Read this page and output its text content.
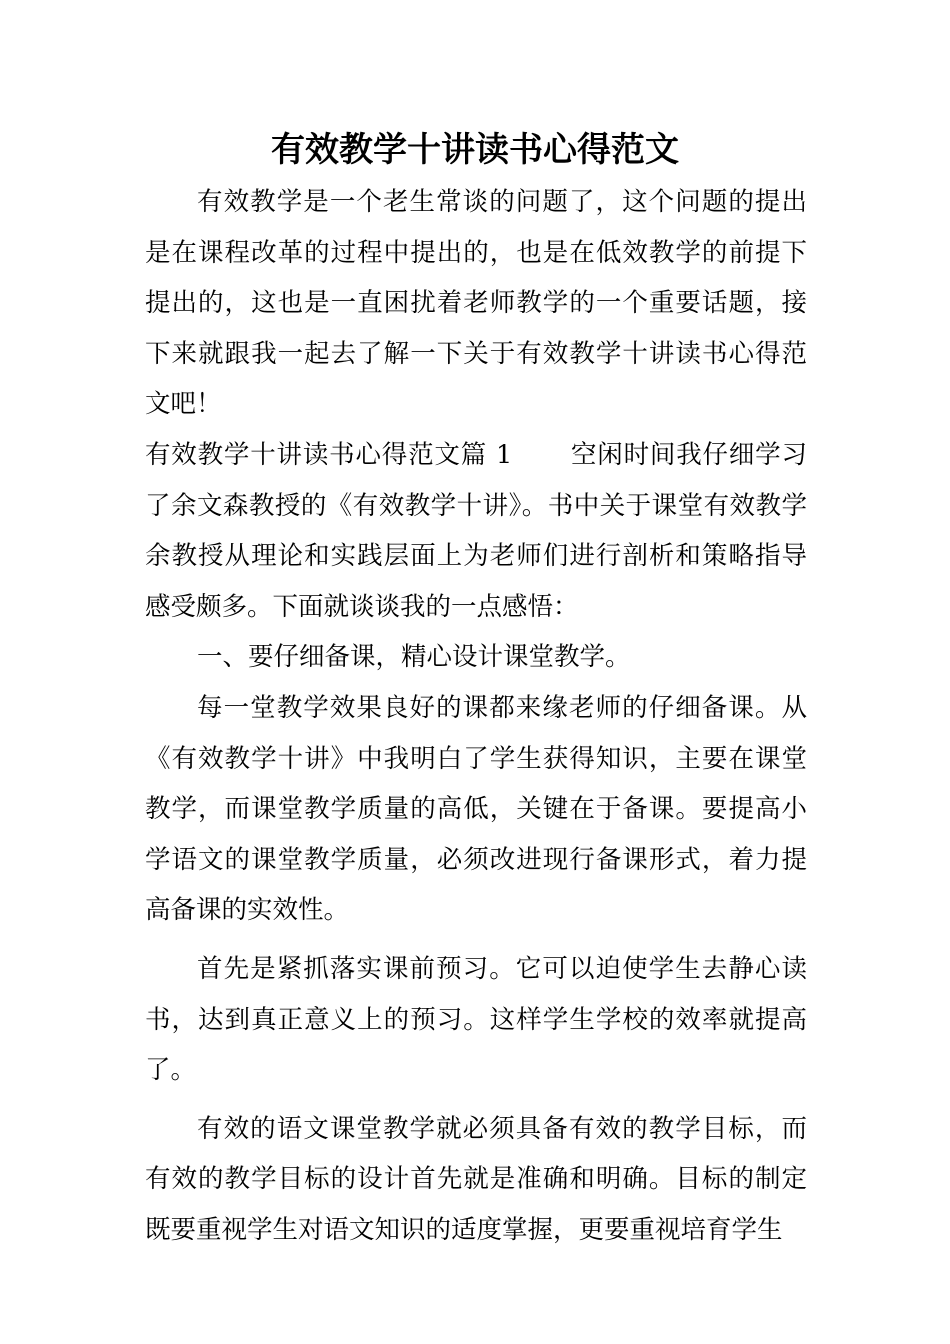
有效教学十讲读书心得范文

有效教学是一个老生常谈的问题了，这个问题的提出是在课程改革的过程中提出的，也是在低效教学的前提下提出的，这也是一直困扰着老师教学的一个重要话题，接下来就跟我一起去了解一下关于有效教学十讲读书心得范文吧！

有效教学十讲读书心得范文篇 1 空闲时间我仔细学习了余文森教授的《有效教学十讲》。书中关于课堂有效教学余教授从理论和实践层面上为老师们进行剖析和策略指导感受颇多。下面就谈谈我的一点感悟：

一、要仔细备课，精心设计课堂教学。

每一堂教学效果良好的课都来缘老师的仔细备课。从《有效教学十讲》中我明白了学生获得知识，主要在课堂教学，而课堂教学质量的高低，关键在于备课。要提高小学语文的课堂教学质量，必须改进现行备课形式，着力提高备课的实效性。

首先是紧抓落实课前预习。它可以迫使学生去静心读书，达到真正意义上的预习。这样学生学校的效率就提高了。

有效的语文课堂教学就必须具备有效的教学目标，而有效的教学目标的设计首先就是准确和明确。目标的制定既要重视学生对语文知识的适度掌握，更要重视培育学生
